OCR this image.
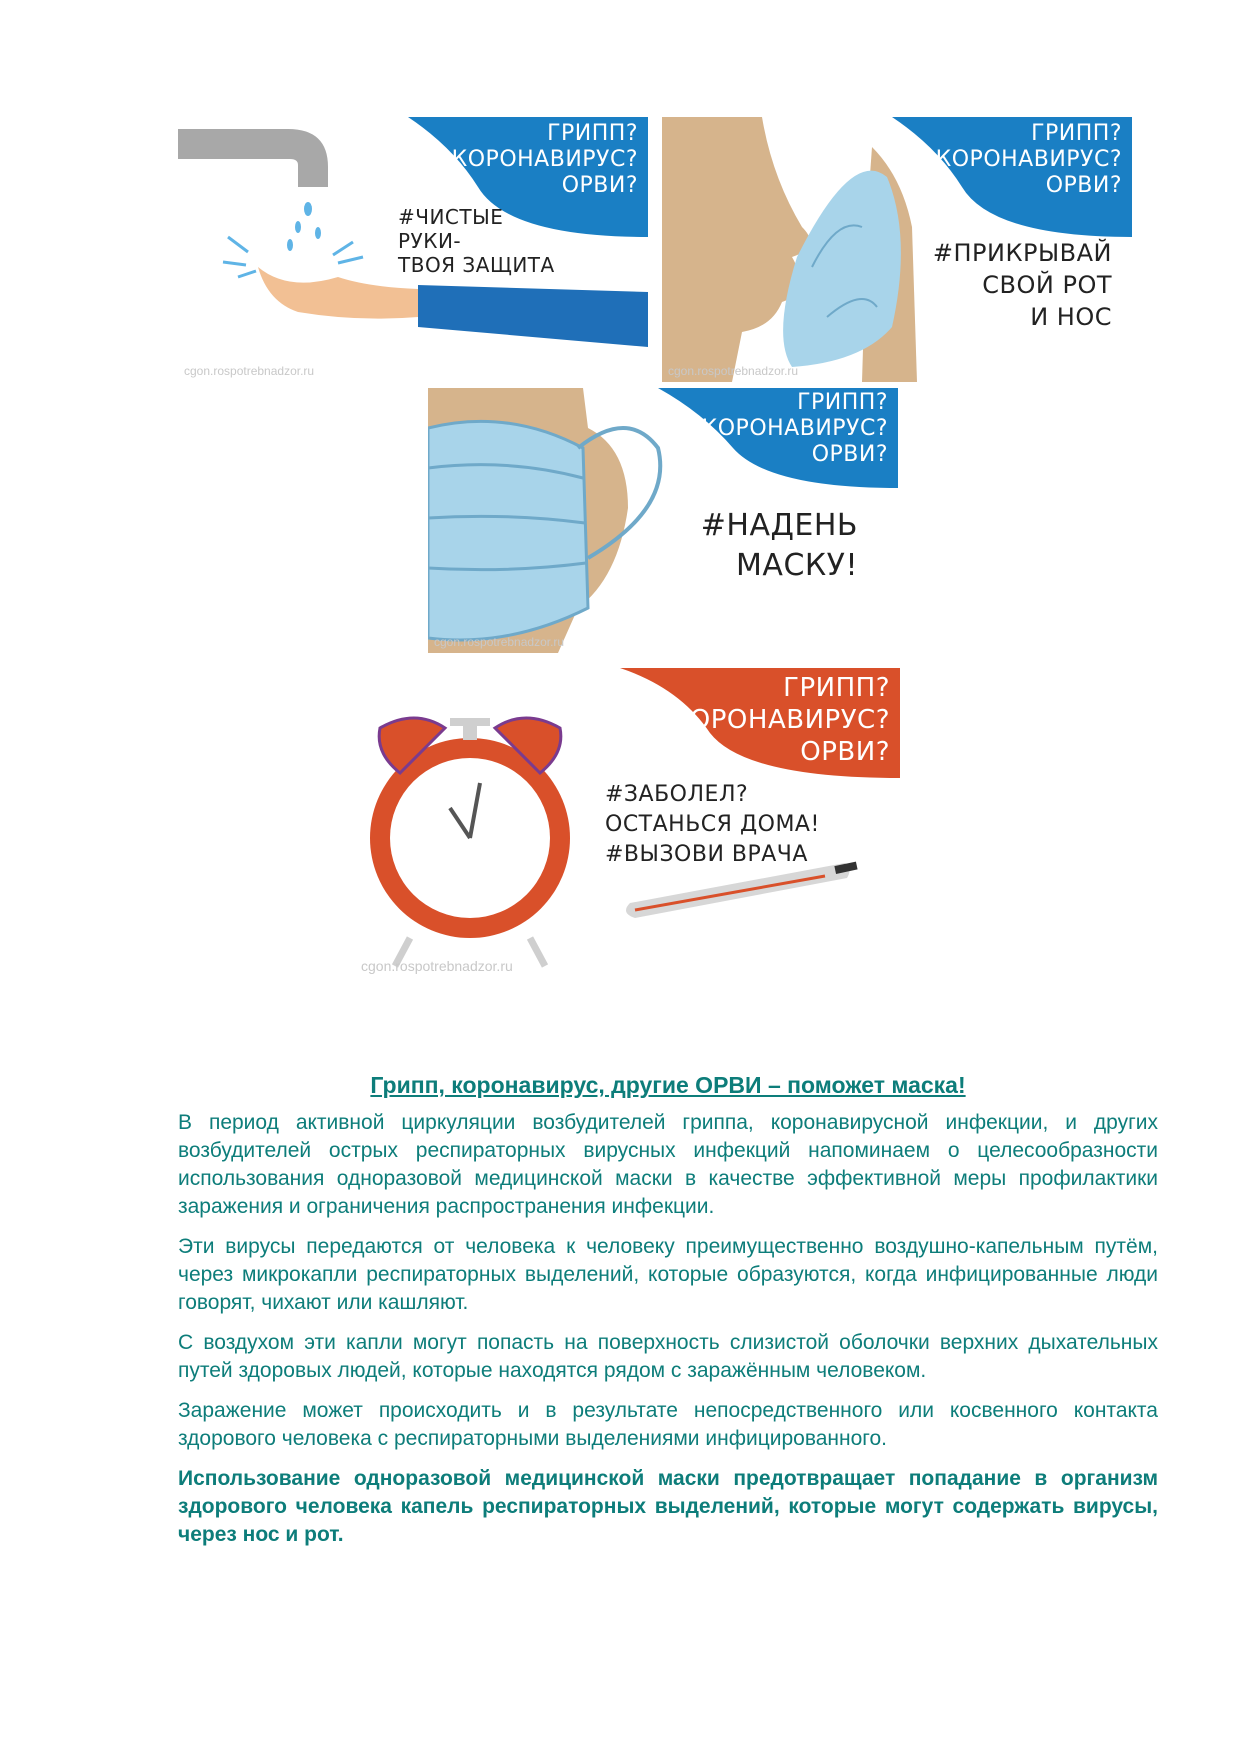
ГРИПП?
КОРОНАВИРУС?
ОРВИ?
#ЧИСТЫЕ
РУКИ-
ТВОЯ ЗАЩИТА
cgon.rospotrebnadzor.ru
ГРИПП?
КОРОНАВИРУС?
ОРВИ?
#ПРИКРЫВАЙ
СВОЙ РОТ
И НОС
cgon.rospotrebnadzor.ru
ГРИПП?
КОРОНАВИРУС?
ОРВИ?
#НАДЕНЬ
МАСКУ!
cgon.rospotrebnadzor.ru
ГРИПП?
КОРОНАВИРУС?
ОРВИ?
#ЗАБОЛЕЛ?
ОСТАНЬСЯ ДОМА!
#ВЫЗОВИ ВРАЧА
cgon.rospotrebnadzor.ru
Грипп, коронавирус, другие ОРВИ – поможет маска!

В период активной циркуляции возбудителей гриппа, коронавирусной инфекции, и других возбудителей острых респираторных вирусных инфекций напоминаем о целесообразности использования одноразовой медицинской маски в качестве эффективной меры профилактики заражения и ограничения распространения инфекции.

Эти вирусы передаются от человека к человеку преимущественно воздушно-капельным путём, через микрокапли респираторных выделений, которые образуются, когда инфицированные люди говорят, чихают или кашляют.

С воздухом эти капли могут попасть на поверхность слизистой оболочки верхних дыхательных путей здоровых людей, которые находятся рядом с заражённым человеком.

Заражение может происходить и в результате непосредственного или косвенного контакта здорового человека с респираторными выделениями инфицированного.

Использование одноразовой медицинской маски предотвращает попадание в организм здорового человека капель респираторных выделений, которые могут содержать вирусы, через нос и рот.
